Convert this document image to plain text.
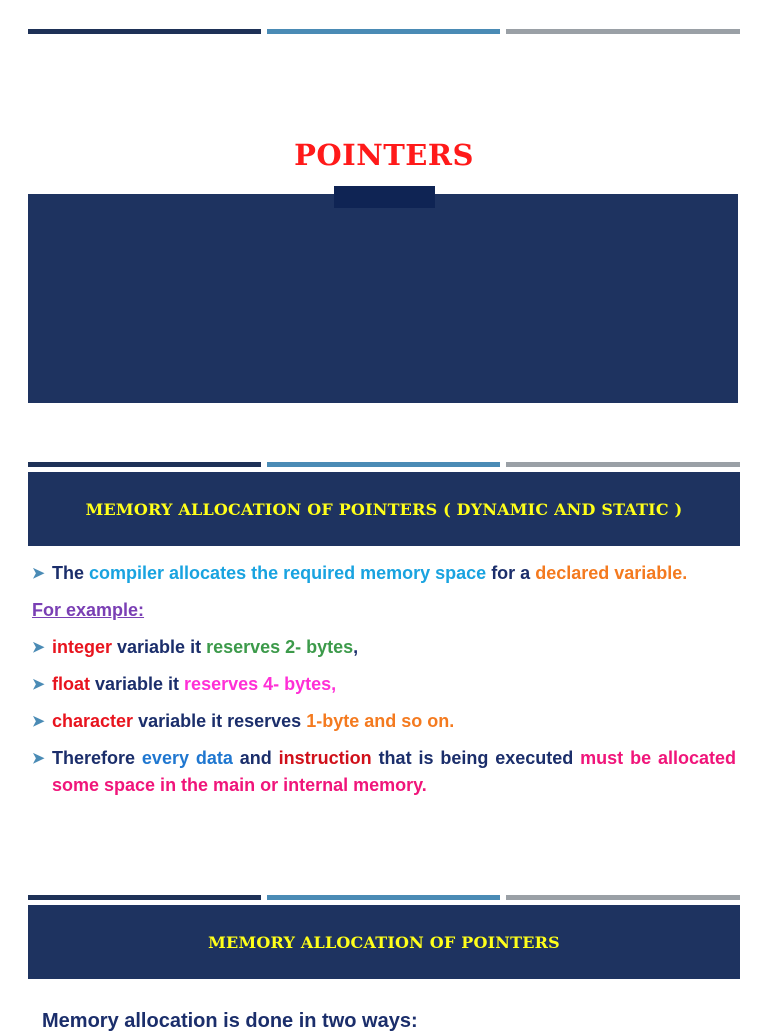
POINTERS
MEMORY ALLOCATION OF POINTERS ( DYNAMIC AND STATIC )
➤ The compiler allocates the required memory space for a declared variable.
For example:
➤ integer variable it reserves 2- bytes,
➤ float variable it reserves 4- bytes,
➤ character variable it reserves 1-byte and so on.
➤ Therefore every data and instruction that is being executed must be allocated some space in the main or internal memory.
MEMORY ALLOCATION OF POINTERS
Memory allocation is done in two ways:
